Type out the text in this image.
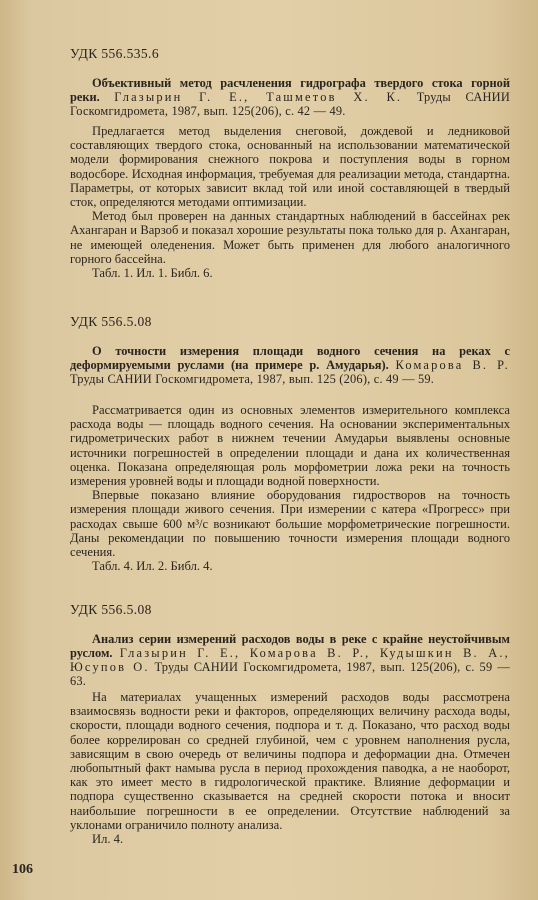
УДК 556.535.6
Объективный метод расчленения гидрографа твердого стока горной реки. Глазырин Г. Е., Ташметов Х. К. Труды САНИИ Госкомгидромета, 1987, вып. 125(206), с. 42 — 49.

Предлагается метод выделения снеговой, дождевой и ледниковой составляющих твердого стока, основанный на использовании математической модели формирования снежного покрова и поступления воды в горном водосборе. Исходная информация, требуемая для реализации метода, стандартна. Параметры, от которых зависит вклад той или иной составляющей в твердый сток, определяются методами оптимизации.

Метод был проверен на данных стандартных наблюдений в бассейнах рек Ахангаран и Варзоб и показал хорошие результаты пока только для р. Ахангаран, не имеющей оледенения. Может быть применен для любого аналогичного горного бассейна.

Табл. 1. Ил. 1. Библ. 6.

УДК 556.5.08
О точности измерения площади водного сечения на реках с деформируемыми руслами (на примере р. Амударья). Комарова В. Р. Труды САНИИ Госкомгидромета, 1987, вып. 125 (206), с. 49 — 59.

Рассматривается один из основных элементов измерительного комплекса расхода воды — площадь водного сечения. На основании экспериментальных гидрометрических работ в нижнем течении Амударьи выявлены основные источники погрешностей в определении площади и дана их количественная оценка. Показана определяющая роль морфометрии ложа реки на точность измерения уровней воды и площади водной поверхности.

Впервые показано влияние оборудования гидростворов на точность измерения площади живого сечения. При измерении с катера «Прогресс» при расходах свыше 600 м³/с возникают большие морфометрические погрешности. Даны рекомендации по повышению точности измерения площади водного сечения.

Табл. 4. Ил. 2. Библ. 4.

УДК 556.5.08
Анализ серии измерений расходов воды в реке с крайне неустойчивым руслом. Глазырин Г. Е., Комарова В. Р., Кудышкин В. А., Юсупов О. Труды САНИИ Госкомгидромета, 1987, вып. 125(206), с. 59 — 63.

На материалах учащенных измерений расходов воды рассмотрена взаимосвязь водности реки и факторов, определяющих величину расхода воды, скорости, площади водного сечения, подпора и т. д. Показано, что расход воды более коррелирован со средней глубиной, чем с уровнем наполнения русла, зависящим в свою очередь от величины подпора и деформации дна. Отмечен любопытный факт намыва русла в период прохождения паводка, а не наоборот, как это имеет место в гидрологической практике. Влияние деформации и подпора существенно сказывается на средней скорости потока и вносит наибольшие погрешности в ее определении. Отсутствие наблюдений за уклонами ограничило полноту анализа.

Ил. 4.

106
